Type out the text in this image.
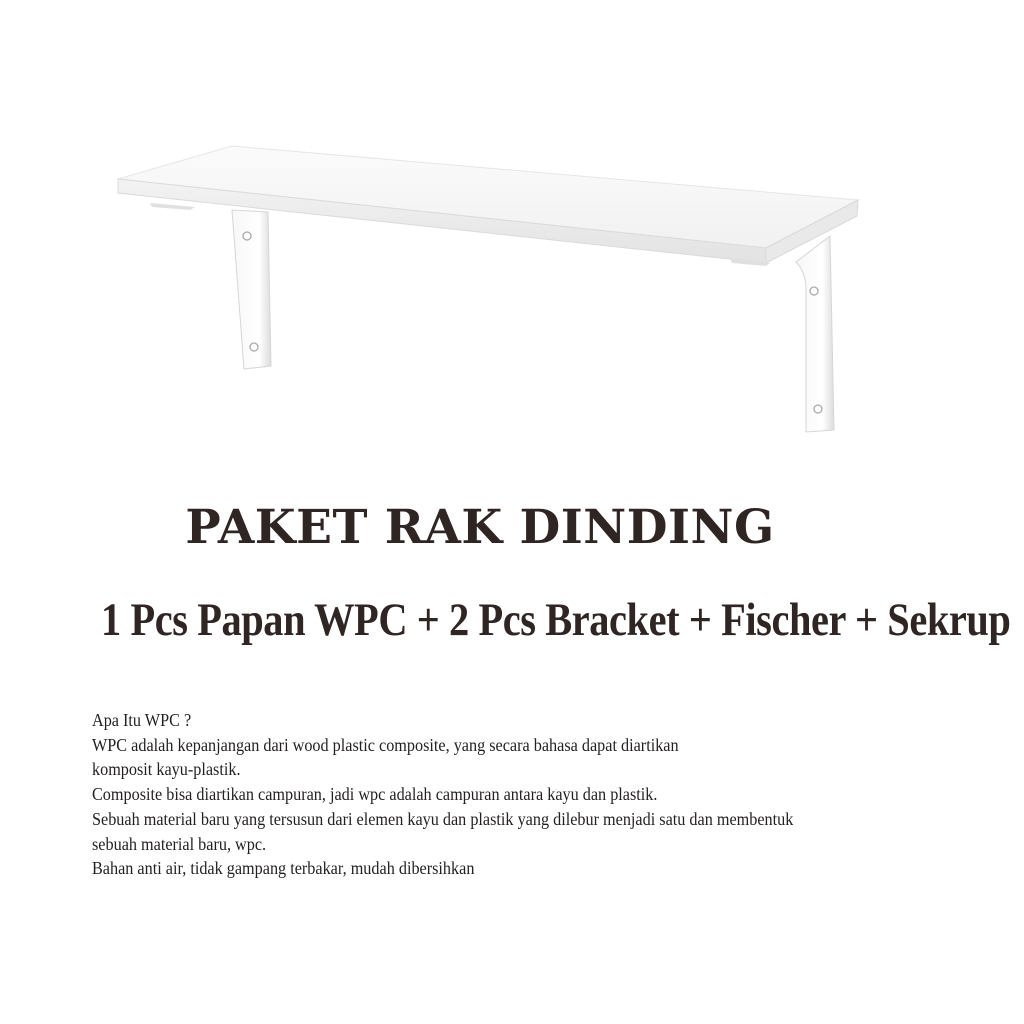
PAKET RAK DINDING
1 Pcs Papan WPC + 2 Pcs Bracket + Fischer + Sekrup
Apa Itu WPC ?
WPC adalah kepanjangan dari wood plastic composite, yang secara bahasa dapat diartikan
komposit kayu-plastik.
Composite bisa diartikan campuran, jadi wpc adalah campuran antara kayu dan plastik.
Sebuah material baru yang tersusun dari elemen kayu dan plastik yang dilebur menjadi satu dan membentuk
sebuah material baru, wpc.
Bahan anti air, tidak gampang terbakar, mudah dibersihkan
